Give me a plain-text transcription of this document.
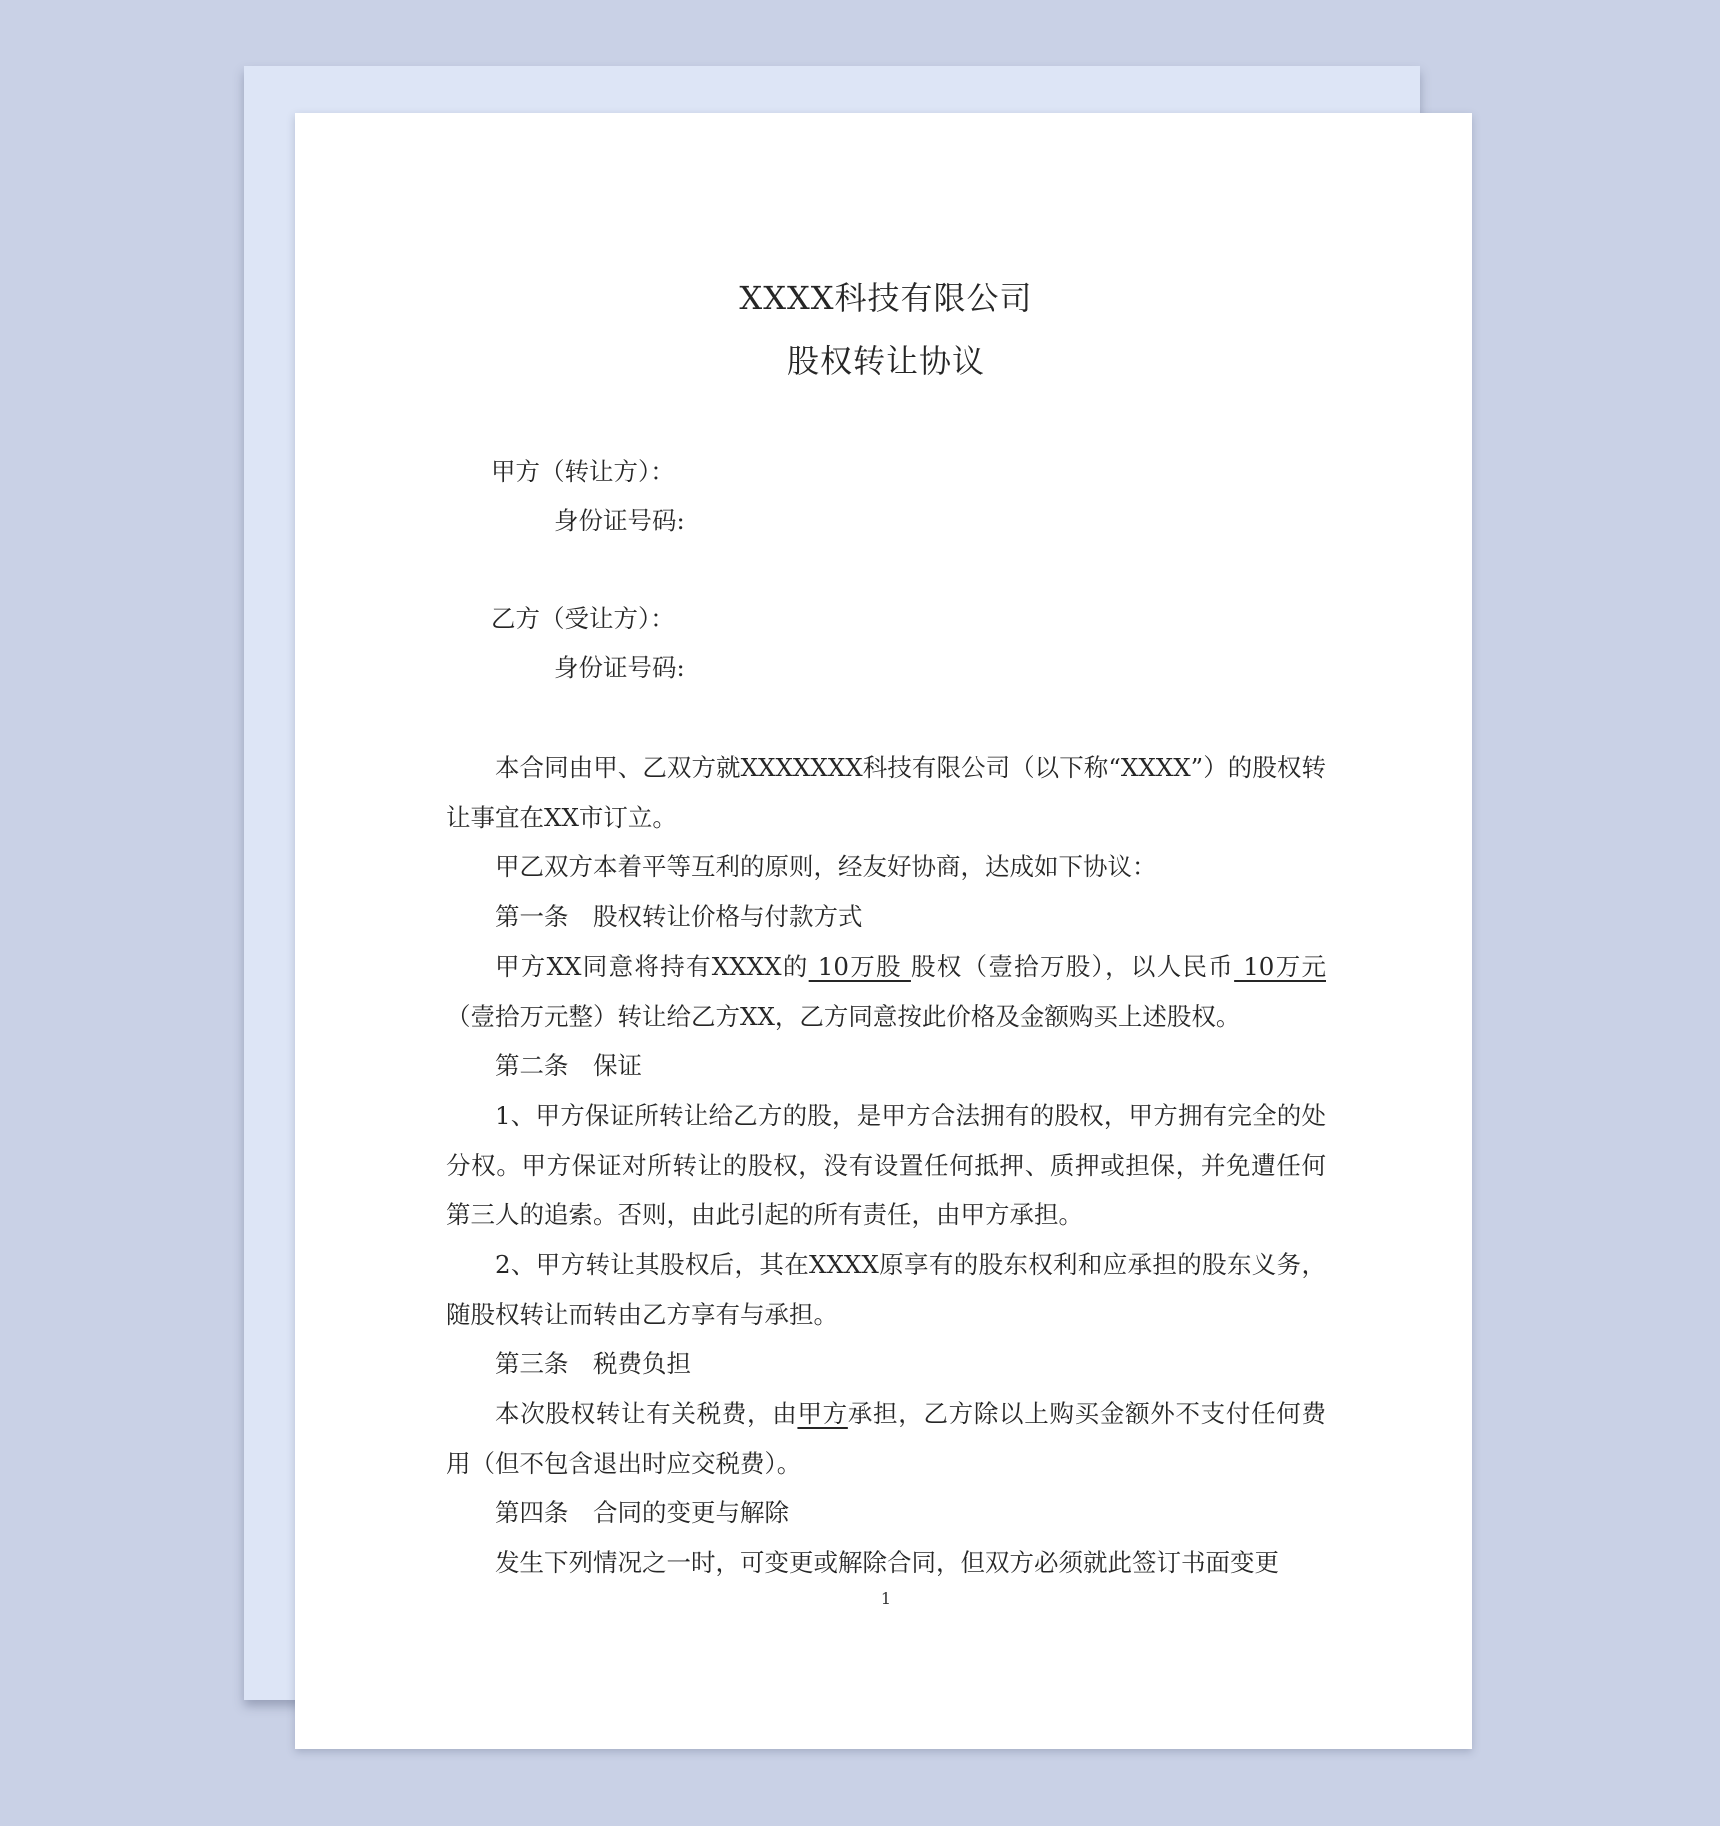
XXXX科技有限公司
股权转让协议
甲方（转让方）：
身份证号码:
乙方（受让方）：
身份证号码:

本合同由甲、乙双方就XXXXXXX科技有限公司（以下称“XXXX”）的股权转让事宜在XX市订立。

甲乙双方本着平等互利的原则，经友好协商，达成如下协议：

第一条　股权转让价格与付款方式

甲方XX同意将持有XXXX的 10万股 股权（壹拾万股），以人民币 10万元（壹拾万元整）转让给乙方XX，乙方同意按此价格及金额购买上述股权。

第二条　保证

1、甲方保证所转让给乙方的股，是甲方合法拥有的股权，甲方拥有完全的处分权。甲方保证对所转让的股权，没有设置任何抵押、质押或担保，并免遭任何第三人的追索。否则，由此引起的所有责任，由甲方承担。

2、甲方转让其股权后，其在XXXX原享有的股东权利和应承担的股东义务，随股权转让而转由乙方享有与承担。

第三条　税费负担

本次股权转让有关税费，由甲方承担，乙方除以上购买金额外不支付任何费用（但不包含退出时应交税费）。

第四条　合同的变更与解除

发生下列情况之一时，可变更或解除合同，但双方必须就此签订书面变更

1
